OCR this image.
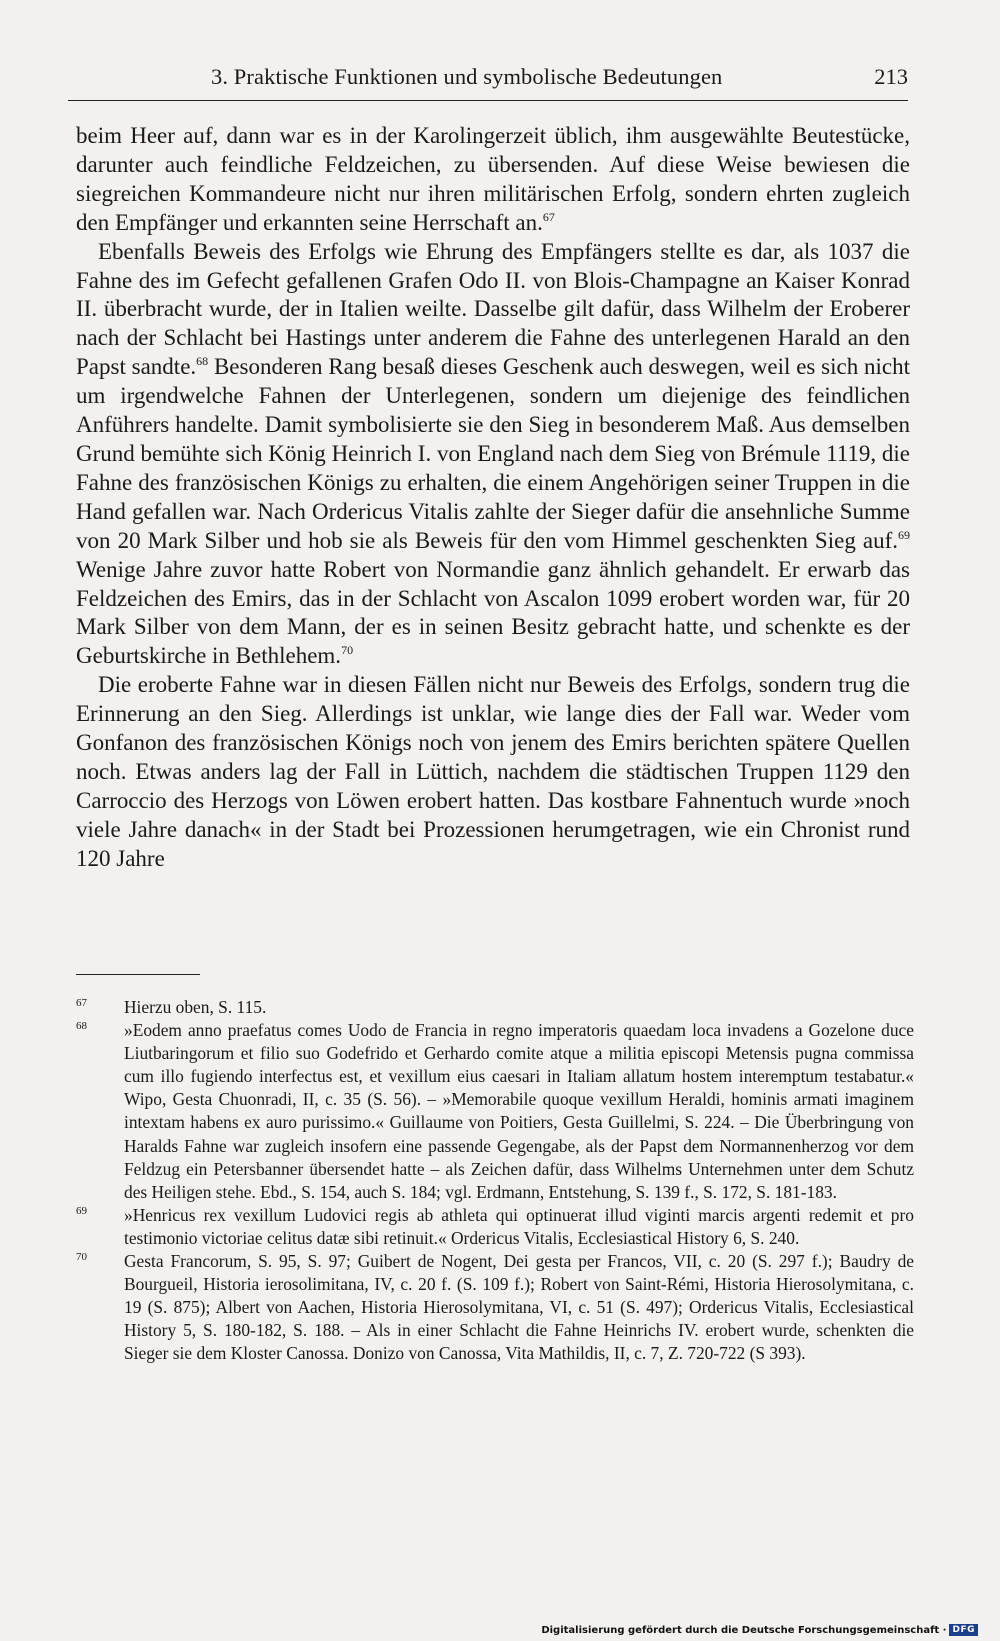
3. Praktische Funktionen und symbolische Bedeutungen	213

beim Heer auf, dann war es in der Karolingerzeit üblich, ihm ausgewählte Beutestücke, darunter auch feindliche Feldzeichen, zu übersenden. Auf diese Weise bewiesen die siegreichen Kommandeure nicht nur ihren militärischen Erfolg, sondern ehrten zugleich den Empfänger und erkannten seine Herrschaft an.$^{67}$

Ebenfalls Beweis des Erfolgs wie Ehrung des Empfängers stellte es dar, als 1037 die Fahne des im Gefecht gefallenen Grafen Odo II. von Blois-Champagne an Kaiser Konrad II. überbracht wurde, der in Italien weilte. Dasselbe gilt dafür, dass Wilhelm der Eroberer nach der Schlacht bei Hastings unter anderem die Fahne des unterlegenen Harald an den Papst sandte.$^{68}$ Besonderen Rang besaß dieses Geschenk auch deswegen, weil es sich nicht um irgendwelche Fahnen der Unterlegenen, sondern um diejenige des feindlichen Anführers handelte. Damit symbolisierte sie den Sieg in besonderem Maß. Aus demselben Grund bemühte sich König Heinrich I. von England nach dem Sieg von Brémule 1119, die Fahne des französischen Königs zu erhalten, die einem Angehörigen seiner Truppen in die Hand gefallen war. Nach Ordericus Vitalis zahlte der Sieger dafür die ansehnliche Summe von 20 Mark Silber und hob sie als Beweis für den vom Himmel geschenkten Sieg auf.$^{69}$ Wenige Jahre zuvor hatte Robert von Normandie ganz ähnlich gehandelt. Er erwarb das Feldzeichen des Emirs, das in der Schlacht von Ascalon 1099 erobert worden war, für 20 Mark Silber von dem Mann, der es in seinen Besitz gebracht hatte, und schenkte es der Geburtskirche in Bethlehem.$^{70}$

Die eroberte Fahne war in diesen Fällen nicht nur Beweis des Erfolgs, sondern trug die Erinnerung an den Sieg. Allerdings ist unklar, wie lange dies der Fall war. Weder vom Gonfanon des französischen Königs noch von jenem des Emirs berichten spätere Quellen noch. Etwas anders lag der Fall in Lüttich, nachdem die städtischen Truppen 1129 den Carroccio des Herzogs von Löwen erobert hatten. Das kostbare Fahnentuch wurde »noch viele Jahre danach« in der Stadt bei Prozessionen herumgetragen, wie ein Chronist rund 120 Jahre

67 Hierzu oben, S. 115.

68 »Eodem anno praefatus comes Uodo de Francia in regno imperatoris quaedam loca invadens a Gozelone duce Liutbaringorum et filio suo Godefrido et Gerhardo comite atque a militia episcopi Metensis pugna commissa cum illo fugiendo interfectus est, et vexillum eius caesari in Italiam allatum hostem interemptum testabatur.« Wipo, Gesta Chuonradi, II, c. 35 (S. 56). – »Memorabile quoque vexillum Heraldi, hominis armati imaginem intextam habens ex auro purissimo.« Guillaume von Poitiers, Gesta Guillelmi, S. 224. – Die Überbringung von Haralds Fahne war zugleich insofern eine passende Gegengabe, als der Papst dem Normannenherzog vor dem Feldzug ein Petersbanner übersendet hatte – als Zeichen dafür, dass Wilhelms Unternehmen unter dem Schutz des Heiligen stehe. Ebd., S. 154, auch S. 184; vgl. Erdmann, Entstehung, S. 139 f., S. 172, S. 181-183.

69 »Henricus rex vexillum Ludovici regis ab athleta qui optinuerat illud viginti marcis argenti redemit et pro testimonio victoriae celitus datæ sibi retinuit.« Ordericus Vitalis, Ecclesiastical History 6, S. 240.

70 Gesta Francorum, S. 95, S. 97; Guibert de Nogent, Dei gesta per Francos, VII, c. 20 (S. 297 f.); Baudry de Bourgueil, Historia ierosolimitana, IV, c. 20 f. (S. 109 f.); Robert von Saint-Rémi, Historia Hierosolymitana, c. 19 (S. 875); Albert von Aachen, Historia Hierosolymitana, VI, c. 51 (S. 497); Ordericus Vitalis, Ecclesiastical History 5, S. 180-182, S. 188. – Als in einer Schlacht die Fahne Heinrichs IV. erobert wurde, schenkten die Sieger sie dem Kloster Canossa. Donizo von Canossa, Vita Mathildis, II, c. 7, Z. 720-722 (S 393).

Digitalisierung gefördert durch die Deutsche Forschungsgemeinschaft · DFG
